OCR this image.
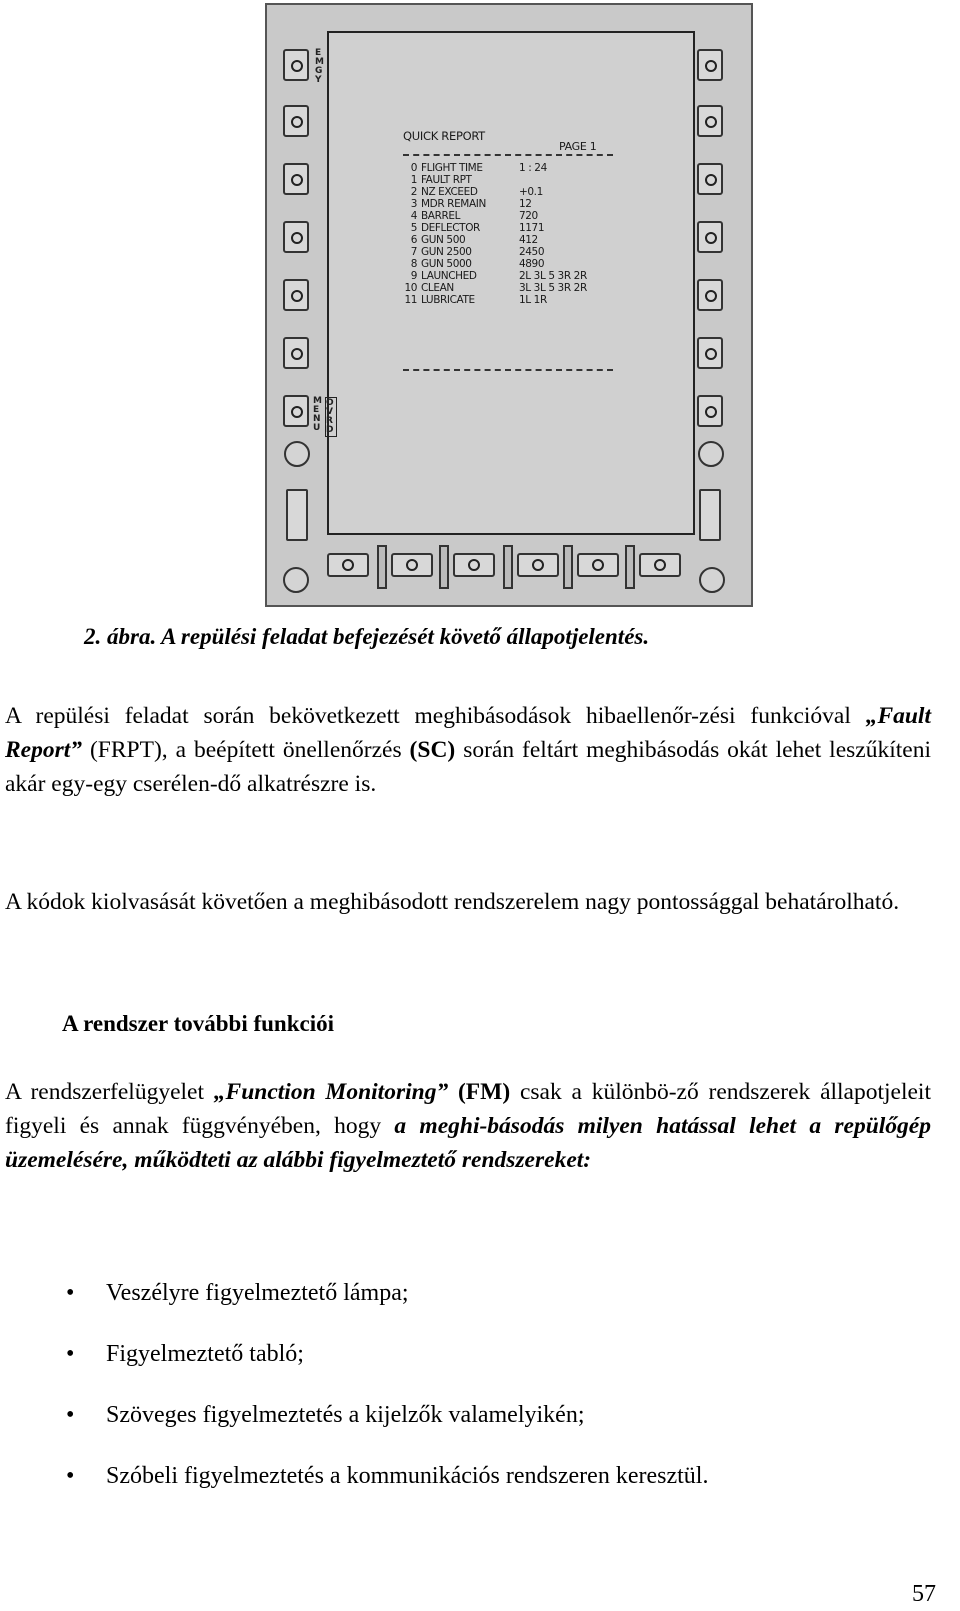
EMGY
MENU
OVRD
QUICK REPORT
PAGE 1
0 FLIGHT TIME	1 : 24
1 FAULT RPT
2 NZ EXCEED	+0.1
3 MDR REMAIN	12
4 BARREL	720
5 DEFLECTOR	1171
6 GUN 500	412
7 GUN 2500	2450
8 GUN 5000	4890
9 LAUNCHED	2L 3L 5 3R 2R
10 CLEAN	3L 3L 5 3R 2R
11 LUBRICATE	1L 1R
2. ábra. A repülési feladat befejezését követő állapotjelentés.
A repülési feladat során bekövetkezett meghibásodások hibaellenőr-zési funkcióval „Fault Report” (FRPT), a beépített önellenőrzés (SC) során feltárt meghibásodás okát lehet leszűkíteni akár egy-egy cserélen-dő alkatrészre is.
A kódok kiolvasását követően a meghibásodott rendszerelem nagy pontossággal behatárolható.
A rendszer további funkciói
A rendszerfelügyelet „Function Monitoring” (FM) csak a különbö-ző rendszerek állapotjeleit figyeli és annak függvényében, hogy a meghi-básodás milyen hatással lehet a repülőgép üzemelésére, működteti az alábbi figyelmeztető rendszereket:
• Veszélyre figyelmeztető lámpa;
• Figyelmeztető tabló;
• Szöveges figyelmeztetés a kijelzők valamelyikén;
• Szóbeli figyelmeztetés a kommunikációs rendszeren keresztül.
57
